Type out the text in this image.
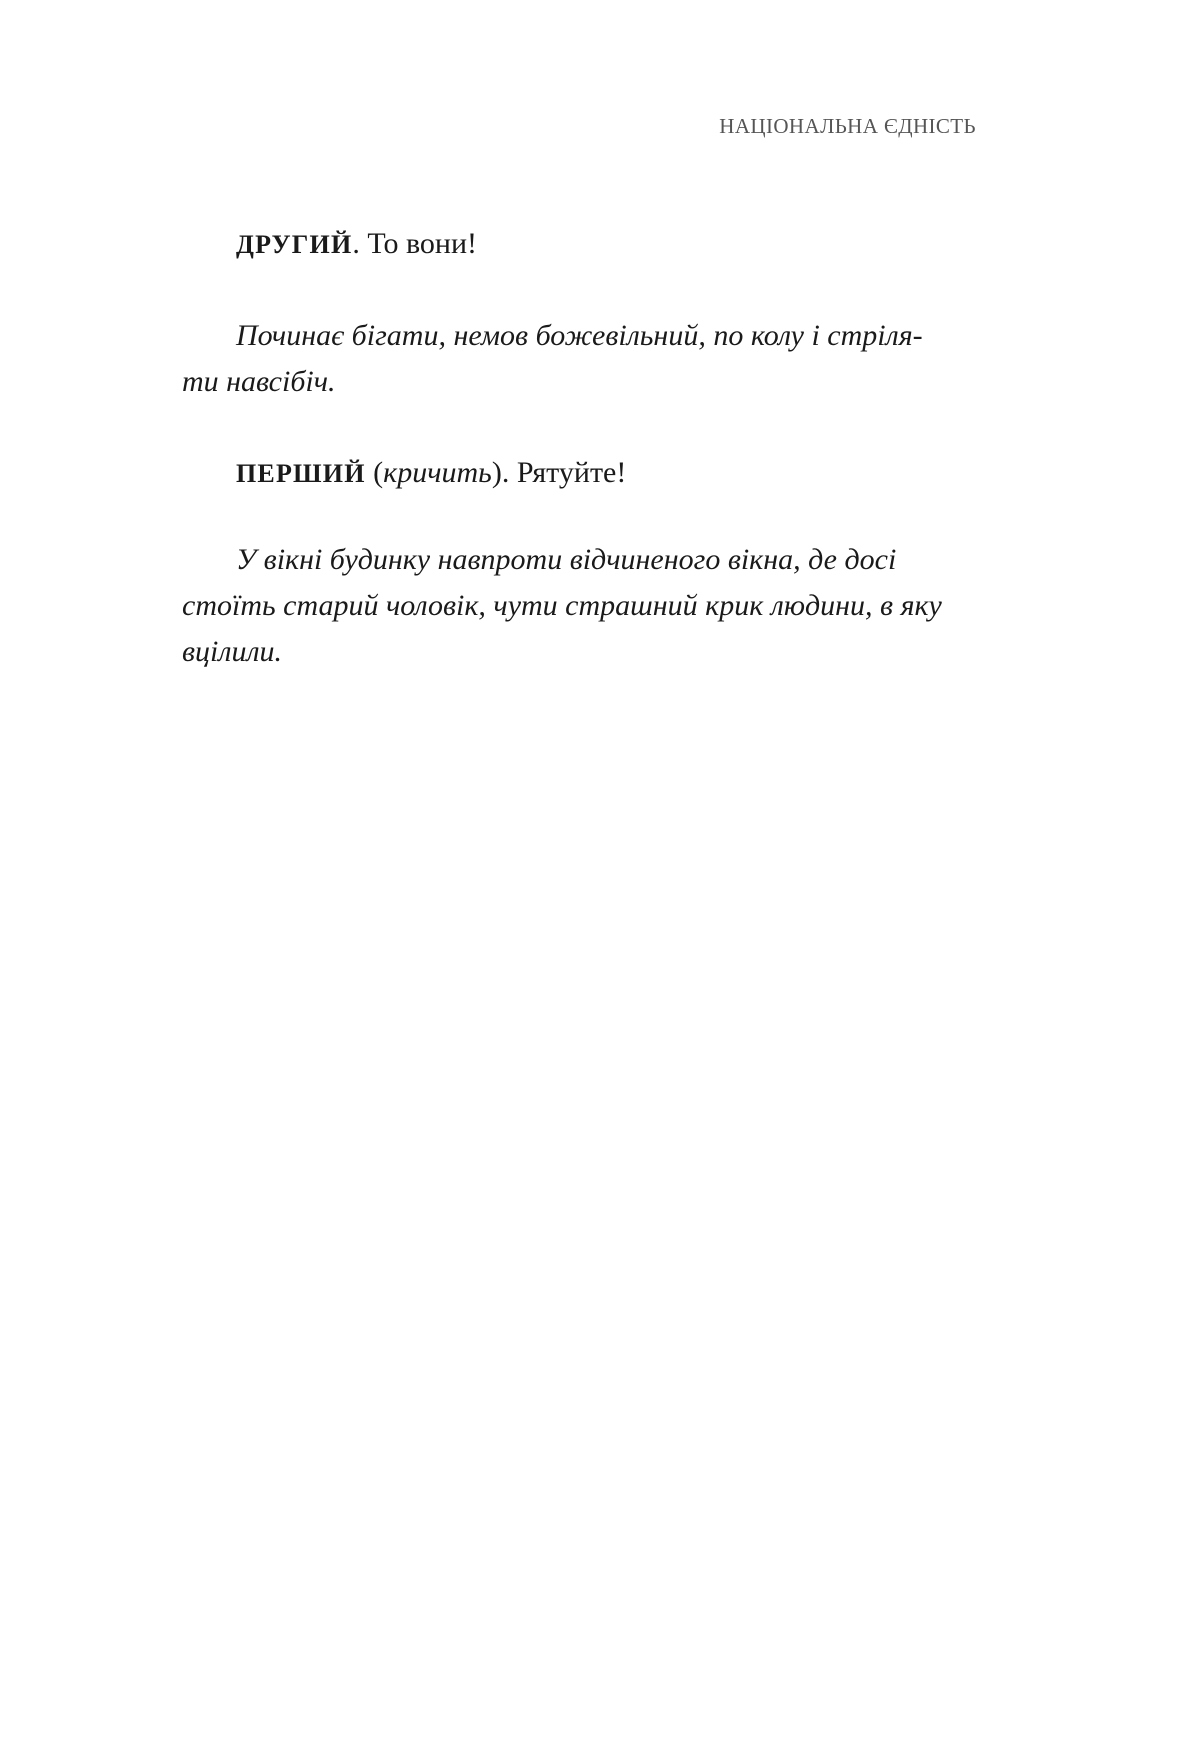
НАЦІОНАЛЬНА ЄДНІСТЬ

ДРУГИЙ. То вони!

Починає бігати, немов божевільний, по колу і стріля-
ти навсібіч.

ПЕРШИЙ (кричить). Рятуйте!

У вікні будинку навпроти відчиненого вікна, де досі
стоїть старий чоловік, чути страшний крик людини, в яку
вцілили.
